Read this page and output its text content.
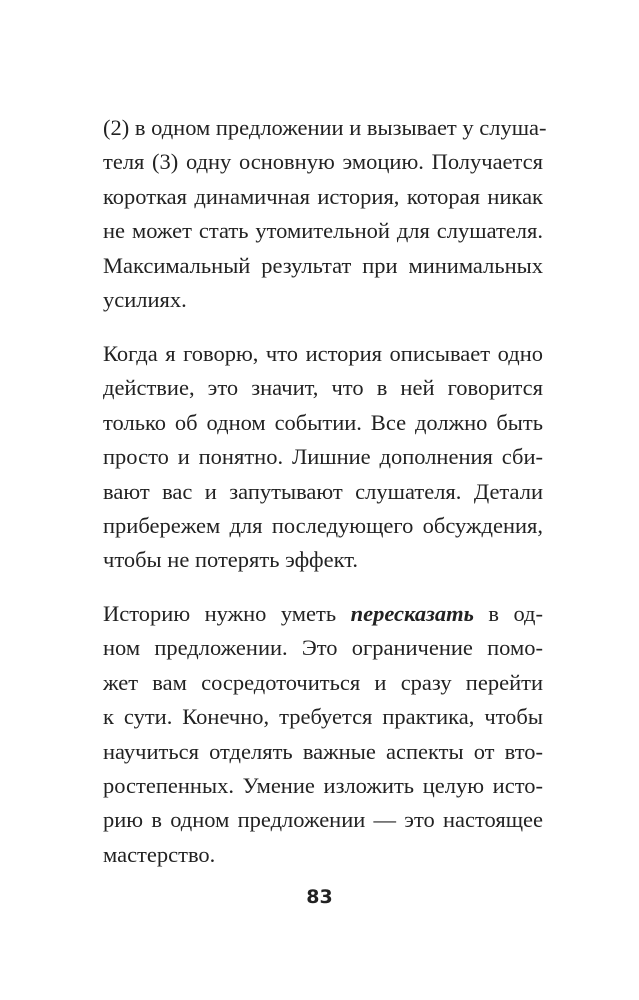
(2) в одном предложении и вызывает у слуша-
теля (3) одну основную эмоцию. Получается
короткая динамичная история, которая никак
не может стать утомительной для слушателя.
Максимальный результат при минимальных
усилиях.
Когда я говорю, что история описывает одно
действие, это значит, что в ней говорится
только об одном событии. Все должно быть
просто и понятно. Лишние дополнения сби-
вают вас и запутывают слушателя. Детали
прибережем для последующего обсуждения,
чтобы не потерять эффект.
Историю нужно уметь пересказать в од-
ном предложении. Это ограничение помо-
жет вам сосредоточиться и сразу перейти
к сути. Конечно, требуется практика, чтобы
научиться отделять важные аспекты от вто-
ростепенных. Умение изложить целую исто-
рию в одном предложении — это настоящее
мастерство.
83
